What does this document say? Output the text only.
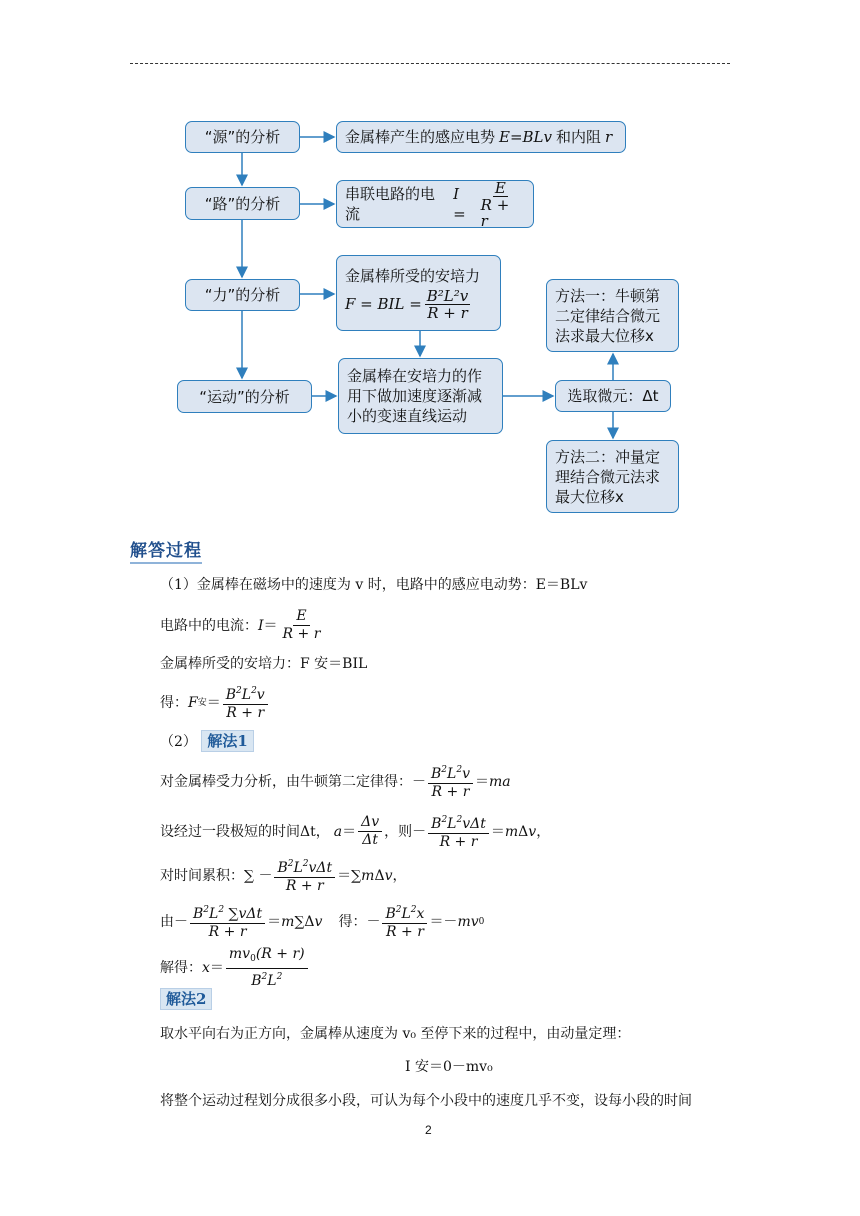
“源”的分析	金属棒产生的感应电势 E=BLv 和内阻 r
“路”的分析
串联电路的电流
$I = \frac{E}{R + r}$
“力”的分析
金属棒所受的安培力
F = BIL = $\frac{\text{B²L²v}}{R + r}$
“运动”的分析
金属棒在安培力的作用下做加速度逐渐减小的变速直线运动
选取微元：Δt
方法一：牛顿第二定律结合微元法求最大位移x
方法二：冲量定理结合微元法求最大位移x
解答过程
（1）金属棒在磁场中的速度为 v 时，电路中的感应电动势：E＝BLv
电路中的电流： I ＝
E
R + r
金属棒所受的安培力：F 安＝BIL
得： F 安 ＝ $B^2L^2v$
R + r
（2） 解法1
对金属棒受力分析，由牛顿第二定律得： － $B^2L^2v$
R + r
＝ ma
设经过一段极短的时间Δt， a ＝
Δv
Δt
，则 － $B^2L^2v\Delta t$
R + r
＝ m Δ v ，
对时间累积： ∑ － $B^2L^2v\Delta t$
R + r
＝∑ m Δ v ，
由 － $B^2L^2$ ∑vΔt
R + r
＝ m ∑Δ v 得： － $B^2L^2x$
R + r
＝－ mv 0
解得： x ＝
$mv_0(R + r)$
$B^2L^2$
解法2
取水平向右为正方向，金属棒从速度为 v₀ 至停下来的过程中，由动量定理：
I 安＝0－mv₀
将整个运动过程划分成很多小段，可认为每个小段中的速度几乎不变，设每小段的时间
2
